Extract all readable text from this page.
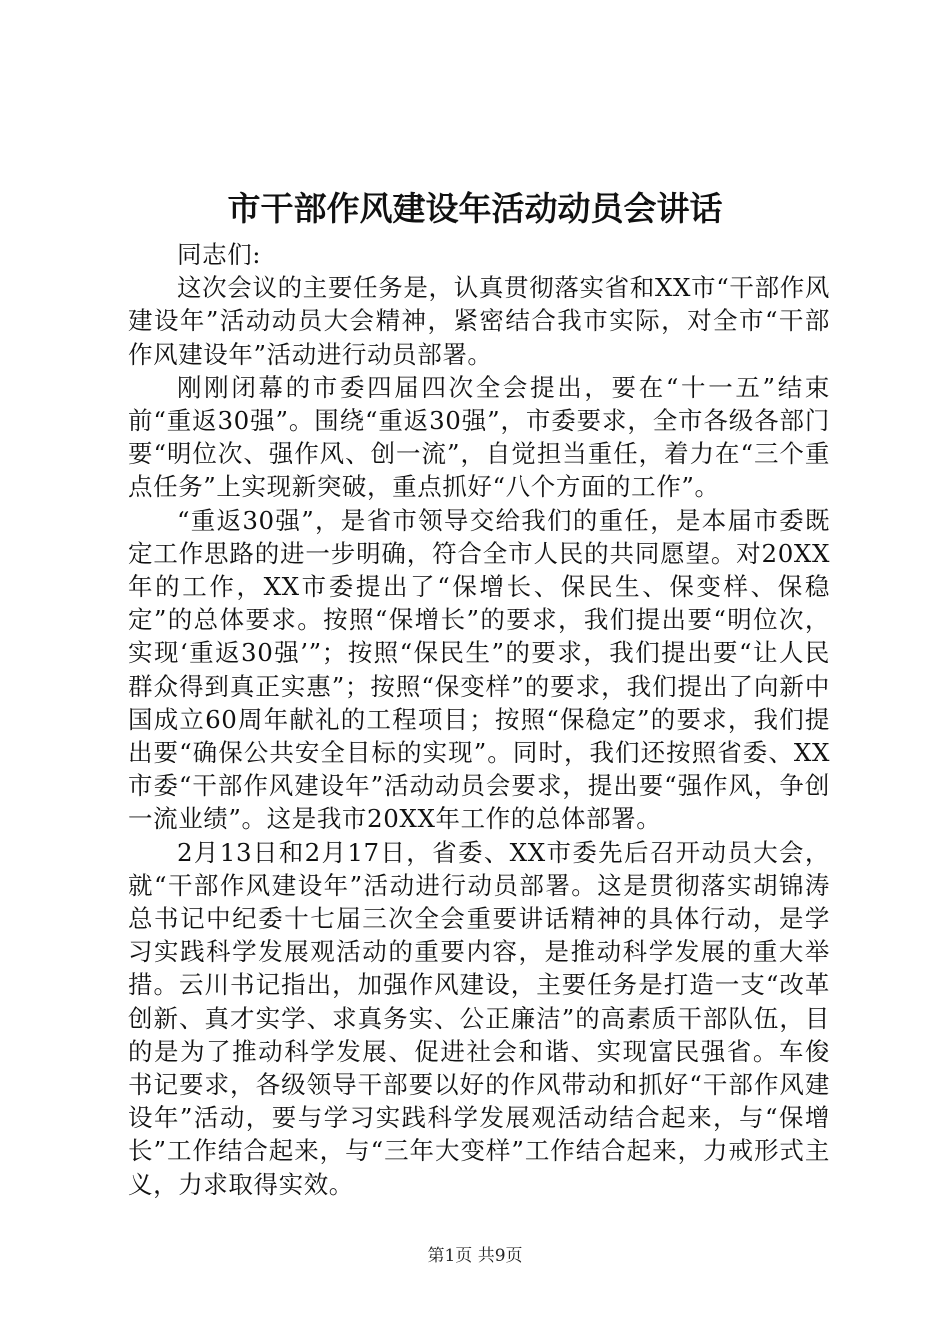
市干部作风建设年活动动员会讲话

同志们:

这次会议的主要任务是，认真贯彻落实省和XX市“干部作风建设年”活动动员大会精神，紧密结合我市实际，对全市“干部作风建设年”活动进行动员部署。

刚刚闭幕的市委四届四次全会提出，要在“十一五”结束前“重返30强”。围绕“重返30强”，市委要求，全市各级各部门要“明位次、强作风、创一流”，自觉担当重任，着力在“三个重点任务”上实现新突破，重点抓好“八个方面的工作”。

“重返30强”，是省市领导交给我们的重任，是本届市委既定工作思路的进一步明确，符合全市人民的共同愿望。对20XX年的工作，XX市委提出了“保增长、保民生、保变样、保稳定”的总体要求。按照“保增长”的要求，我们提出要“明位次，实现‘重返30强’”；按照“保民生”的要求，我们提出要“让人民群众得到真正实惠”；按照“保变样”的要求，我们提出了向新中国成立60周年献礼的工程项目；按照“保稳定”的要求，我们提出要“确保公共安全目标的实现”。同时，我们还按照省委、XX市委“干部作风建设年”活动动员会要求，提出要“强作风，争创一流业绩”。这是我市20XX年工作的总体部署。

2月13日和2月17日，省委、XX市委先后召开动员大会，就“干部作风建设年”活动进行动员部署。这是贯彻落实胡锦涛总书记中纪委十七届三次全会重要讲话精神的具体行动，是学习实践科学发展观活动的重要内容，是推动科学发展的重大举措。云川书记指出，加强作风建设，主要任务是打造一支“改革创新、真才实学、求真务实、公正廉洁”的高素质干部队伍，目的是为了推动科学发展、促进社会和谐、实现富民强省。车俊书记要求，各级领导干部要以好的作风带动和抓好“干部作风建设年”活动，要与学习实践科学发展观活动结合起来，与“保增长”工作结合起来，与“三年大变样”工作结合起来，力戒形式主义，力求取得实效。

第1页 共9页
